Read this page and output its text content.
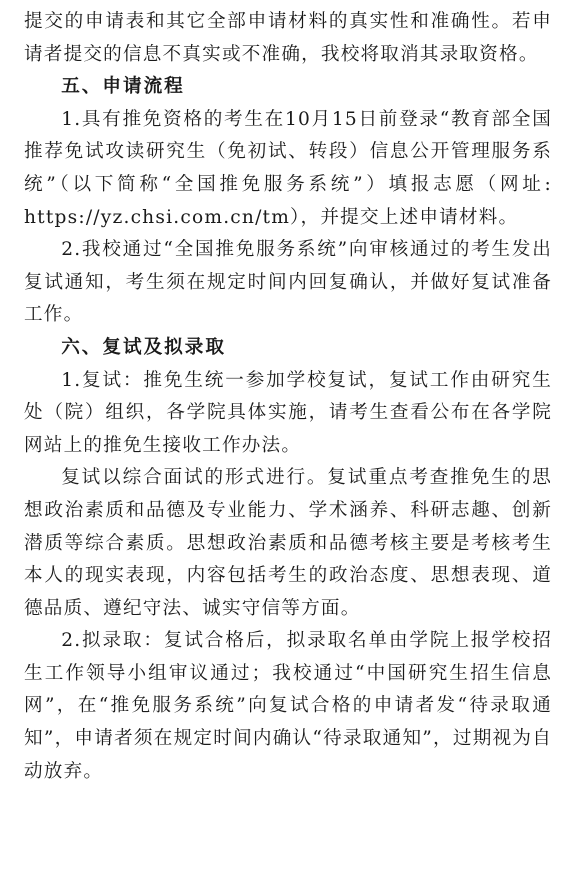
提交的申请表和其它全部申请材料的真实性和准确性。若申请者提交的信息不真实或不准确，我校将取消其录取资格。

五、申请流程

1.具有推免资格的考生在10月15日前登录“教育部全国推荐免试攻读研究生（免初试、转段）信息公开管理服务系统”（以下简称“全国推免服务系统”）填报志愿（网址: https://yz.chsi.com.cn/tm），并提交上述申请材料。

2.我校通过“全国推免服务系统”向审核通过的考生发出复试通知，考生须在规定时间内回复确认，并做好复试准备工作。

六、复试及拟录取

1.复试：推免生统一参加学校复试，复试工作由研究生处（院）组织，各学院具体实施，请考生查看公布在各学院网站上的推免生接收工作办法。

复试以综合面试的形式进行。复试重点考查推免生的思想政治素质和品德及专业能力、学术涵养、科研志趣、创新潜质等综合素质。思想政治素质和品德考核主要是考核考生本人的现实表现，内容包括考生的政治态度、思想表现、道德品质、遵纪守法、诚实守信等方面。

2.拟录取：复试合格后，拟录取名单由学院上报学校招生工作领导小组审议通过；我校通过“中国研究生招生信息网”，在“推免服务系统”向复试合格的申请者发“待录取通知”，申请者须在规定时间内确认“待录取通知”，过期视为自动放弃。
